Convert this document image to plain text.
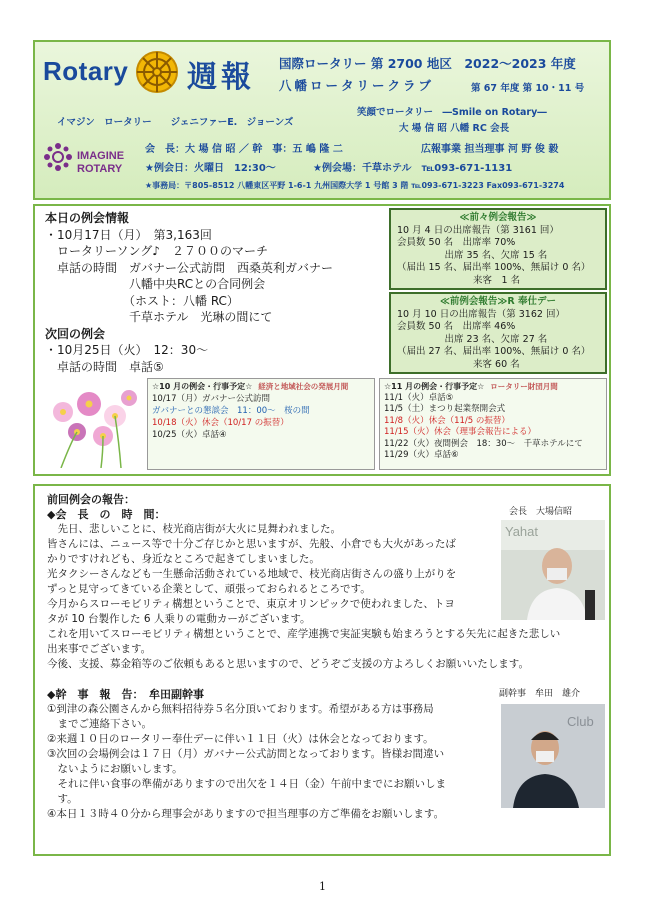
Rotary 週報 国際ロータリー 第 2700 地区　2022～2023 年度
八幡ロータリークラブ	第 67 年度 第 10・11 号
イマジン ロータリー　　ジェニファーE. ジョーンズ
笑顔でロータリー　―Smile on Rotary―
大 場 信 昭 八幡 RC 会長
IMAGINE
ROTARY
会　長：大 場 信 昭 ／ 幹　事：五 嶋 隆 二	広報事業 担当理事 河 野 俊 毅
★例会日：火曜日　12:30～	★例会場：千草ホテル　℡093-671-1131
★事務局：〒805-8512 八幡東区平野 1-6-1 九州国際大学 1 号館 3 階 ℡093-671-3223 Fax093-671-3274
本日の例会情報
・10月17日（月）　第3,163回
　ロータリーソング♪　２７００のマーチ
　卓話の時間　ガバナー公式訪問　西桑英利ガバナー
　　　　　　　八幡中央RCとの合同例会
　　　　　　　（ホスト：八幡 RC）
　　　　　　　千草ホテル　光琳の間にて
次回の例会
・10月25日（火）　12：30～
　卓話の時間　卓話⑤
≪前々例会報告≫
10 月 4 日の出席報告（第 3161 回）
会員数 50 名　出席率 70%
　　　　　出席 35 名、欠席 15 名
（届出 15 名、届出率 100%、無届け 0 名）
　　　　　　　　来客　1 名
≪前例会報告≫R 奉仕デー
10 月 10 日の出席報告（第 3162 回）
会員数 50 名　出席率 46%
　　　　　出席 23 名、欠席 27 名
（届出 27 名、届出率 100%、無届け 0 名）
　　　　　　　　来客 60 名
☆10 月の例会・行事予定☆ 経済と地域社会の発展月間
10/17（月）ガバナー公式訪問
ガバナーとの懇談会　11：00～　桜の間
10/18（火）休会（10/17 の振替）
10/25（火）卓話④
☆11 月の例会・行事予定☆ ロータリー財団月間
11/1（火）卓話⑤
11/5（土）まつり起業祭開会式
11/8（火）休会（11/5 の振替）
11/15（火）休会（理事会報告による）
11/22（火）夜間例会　18：30～　千草ホテルにて
11/29（火）卓話⑥
前回例会の報告：
◆会　長　の　時　間：
　先日、悲しいことに、枝光商店街が大火に見舞われました。
皆さんには、ニュース等で十分ご存じかと思いますが、先般、小倉でも大火があったば
かりですけれども、身近なところで起きてしまいました。
光タクシーさんなども一生懸命活動されている地域で、枝光商店街さんの盛り上がりを
ずっと見守ってきている企業として、頑張っておられるところです。
今月からスローモビリティ構想ということで、東京オリンピックで使われました、トヨ
タが 10 台製作した 6 人乗りの電動カーがございます。
これを用いてスローモビリティ構想ということで、産学連携で実証実験も始まろうとする矢先に起きた悲しい
出来事でございます。
今後、支援、募金箱等のご依頼もあると思いますので、どうぞご支援の方よろしくお願いいたします。

◆幹　事　報　告：　牟田副幹事
①到津の森公園さんから無料招待券５名分頂いております。希望がある方は事務局
　までご連絡下さい。
②来週１０日のロータリー奉仕デーに伴い１１日（火）は休会となっております。
③次回の会場例会は１７日（月）ガバナー公式訪問となっております。皆様お間違い
　ないようにお願いします。
　それに伴い食事の準備がありますので出欠を１４日（金）午前中までにお願いしま
　す。
④本日１３時４０分から理事会がありますので担当理事の方ご準備をお願いします。
会長　大場信昭
Yahat
副幹事　牟田　雄介
Club
1
